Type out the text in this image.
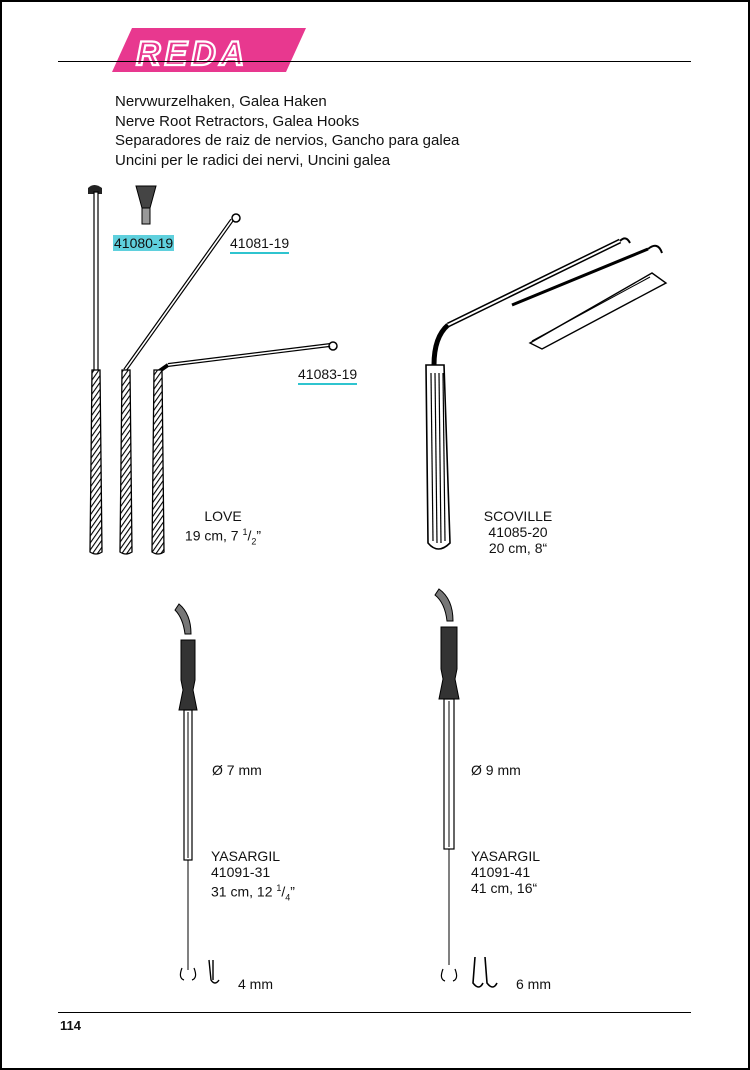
REDA
Nervwurzelhaken, Galea Haken
Nerve Root Retractors, Galea Hooks
Separadores de raiz de nervios, Gancho para galea
Uncini per le radici dei nervi, Uncini galea
41080-19	41081-19
41083-19
LOVE
19 cm, 7 $^1/_2$”
SCOVILLE
41085-20
20 cm, 8“
Ø 7 mm
YASARGIL
41091-31
31 cm, 12 $^1/_4$”
4 mm
Ø 9 mm
YASARGIL
41091-41
41 cm, 16“
6 mm
114
